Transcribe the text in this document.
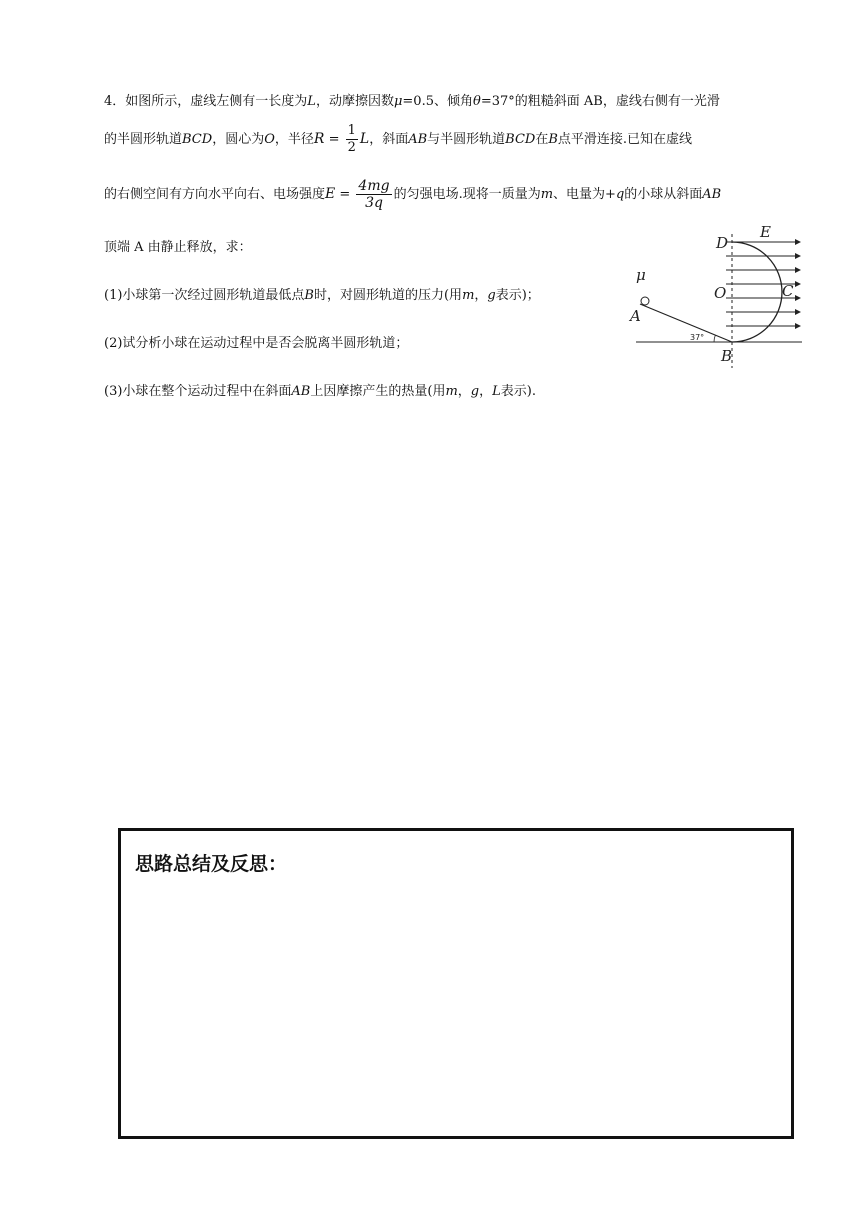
4．如图所示，虚线左侧有一长度为L，动摩擦因数μ=0.5、倾角θ=37°的粗糙斜面 AB，虚线右侧有一光滑
的半圆形轨道BCD，圆心为O，半径$R = \frac{1}{2}$ L，斜面AB与半圆形轨道BCD在B点平滑连接.已知在虚线
的右侧空间有方向水平向右、电场强度$E = \frac{4mg}{3q}$ 的匀强电场.现将一质量为m、电量为+q的小球从斜面AB
顶端 A 由静止释放，求：
(1)小球第一次经过圆形轨道最低点B时，对圆形轨道的压力(用m，g表示)；
(2)试分析小球在运动过程中是否会脱离半圆形轨道；
(3)小球在整个运动过程中在斜面AB上因摩擦产生的热量(用m，g，L表示).
D
E
O	C
μ
A
B
37°
思路总结及反思：
